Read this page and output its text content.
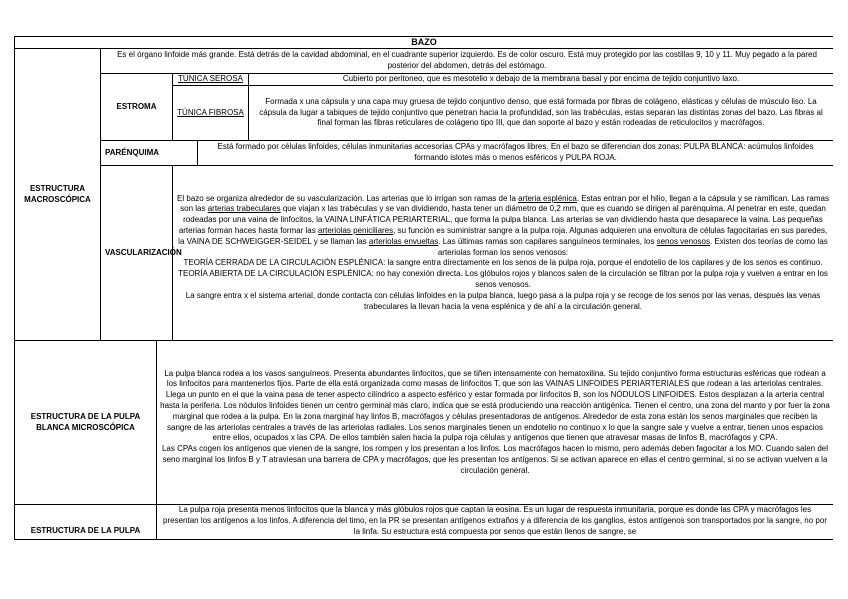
BAZO					
ESTRUCTURA MACROSCÓPICA	Es el órgano linfoide más grande. Está detrás de la cavidad abdominal, en el cuadrante superior izquierdo. Es de color oscuro. Está muy protegido por las costillas 9, 10 y 11. Muy pegado a la pared posterior del abdomen, detrás del estómago.				
	ESTROMA		TÚNICA SEROSA		Cubierto por peritoneo, que es mesotelio x debajo de la membrana basal y por encima de tejido conjuntivo laxo.
			TÚNICA FIBROSA		Formada x una cápsula y una capa muy gruesa de tejido conjuntivo denso, que está formada por fibras de colágeno, elásticas y células de músculo liso. La cápsula da lugar a tabiques de tejido conjuntivo que penetran hacia la profundidad, son las trabéculas, estas separan las distintas zonas del bazo. Las fibras al final forman las fibras reticulares de colágeno tipo III, que dan soporte al bazo y están rodeadas de reticulocitos y macrófagos.
	PARÉNQUIMA			Está formado por células linfoides, células inmunitarias accesorias CPAs y macrófagos libres. En el bazo se diferencian dos zonas: PULPA BLANCA: acúmulos linfoides formando islotes más o menos esféricos y PULPA ROJA.	
	VASCULARIZACIÓN		El bazo se organiza alrededor de su vascularización. Las arterias que lo irrigan son ramas de la arteria esplénica. Estas entran por el hilio, llegan a la cápsula y se ramifican. Las ramas son las arterias trabeculares que viajan x las trabéculas y se van dividiendo, hasta tener un diámetro de 0,2 mm, que es cuando se dirigen al parénquima. Al penetrar en este, quedan rodeadas por una vaina de linfocitos, la VAINA LINFÁTICA PERIARTERIAL, que forma la pulpa blanca. Las arterias se van dividiendo hasta que desaparece la vaina. Las pequeñas arterias forman haces hasta formar las arteriolas peniciliares, su función es suministrar sangre a la pulpa roja. Algunas adquieren una envoltura de células fagocitarias en sus paredes, la VAINA DE SCHWEIGGER-SEIDEL y se llaman las arteriolas envueltas. Las últimas ramas son capilares sanguíneos terminales, los senos venosos. Existen dos teorías de como las arteriolas forman los senos venosos:

TEORÍA CERRADA DE LA CIRCULACIÓN ESPLÉNICA: la sangre entra directamente en los senos de la pulpa roja, porque el endotelio de los capilares y de los senos es continuo.

TEORÍA ABIERTA DE LA CIRCULACIÓN ESPLÉNICA: no hay conexión directa. Los glóbulos rojos y blancos salen de la circulación se filtran por la pulpa roja y vuelven a entrar en los senos venosos.

La sangre entra x el sistema arterial, donde contacta con células linfoides en la pulpa blanca, luego pasa a la pulpa roja y se recoge de los senos por las venas, después las venas trabeculares la llevan hacia la vena esplénica y de ahí a la circulación general.		

ESTRUCTURA DE LA PULPA BLANCA MICROSCÓPICA		La pulpa blanca rodea a los vasos sanguíneos. Presenta abundantes linfocitos, que se tiñen intensamente con hematoxilina. Su tejido conjuntivo forma estructuras esféricas que rodean a los linfocitos para mantenerlos fijos. Parte de ella está organizada como masas de linfocitos T, que son las VAINAS LINFOIDES PERIARTERIALES que rodean a las arteriolas centrales. Llega un punto en el que la vaina pasa de tener aspecto cilíndrico a aspecto esférico y estar formada por linfocitos B, son los NÓDULOS LINFOIDES. Estos desplazan a la arteria central hasta la periferia. Los nódulos linfoides tienen un centro germinal más claro, indica que se está produciendo una reacción antigénica. Tienen el centro, una zona del manto y por fuer la zona marginal que rodea a la pulpa. En la zona marginal hay linfos B, macrófagos y células presentadoras de antígenos. Alrededor de esta zona están los senos marginales que reciben la sangre de las arteriolas centrales a través de las arteriolas radiales. Los senos marginales tienen un endotelio no continuo x lo que la sangre sale y vuelve a entrar, tienen unos espacios entre ellos, ocupados x las CPA. De ellos también salen hacia la pulpa roja células y antígenos que tienen que atravesar masas de linfos B, macrófagos y CPA.

Las CPAs cogen los antígenos que vienen de la sangre, los rompen y los presentan a los linfos. Los macrófagos hacen lo mismo, pero además deben fagocitar a los MO. Cuando salen del seno marginal los linfos B y T atraviesan una barrera de CPA y macrófagos, que les presentan los antígenos. Si se activan aparece en ellas el centro germinal, si no se activan vuelven a la circulación general.			

ESTRUCTURA DE LA PULPA		La pulpa roja presenta menos linfocitos que la blanca y más glóbulos rojos que captan la eosina. Es un lugar de respuesta inmunitaria, porque es donde las CPA y macrófagos les presentan los antígenos a los linfos. A diferencia del timo, en la PR se presentan antígenos extraños y a diferencia de los ganglios, estos antígenos son transportados por la sangre, no por la linfa. Su estructura está compuesta por senos que están llenos de sangre, se			
